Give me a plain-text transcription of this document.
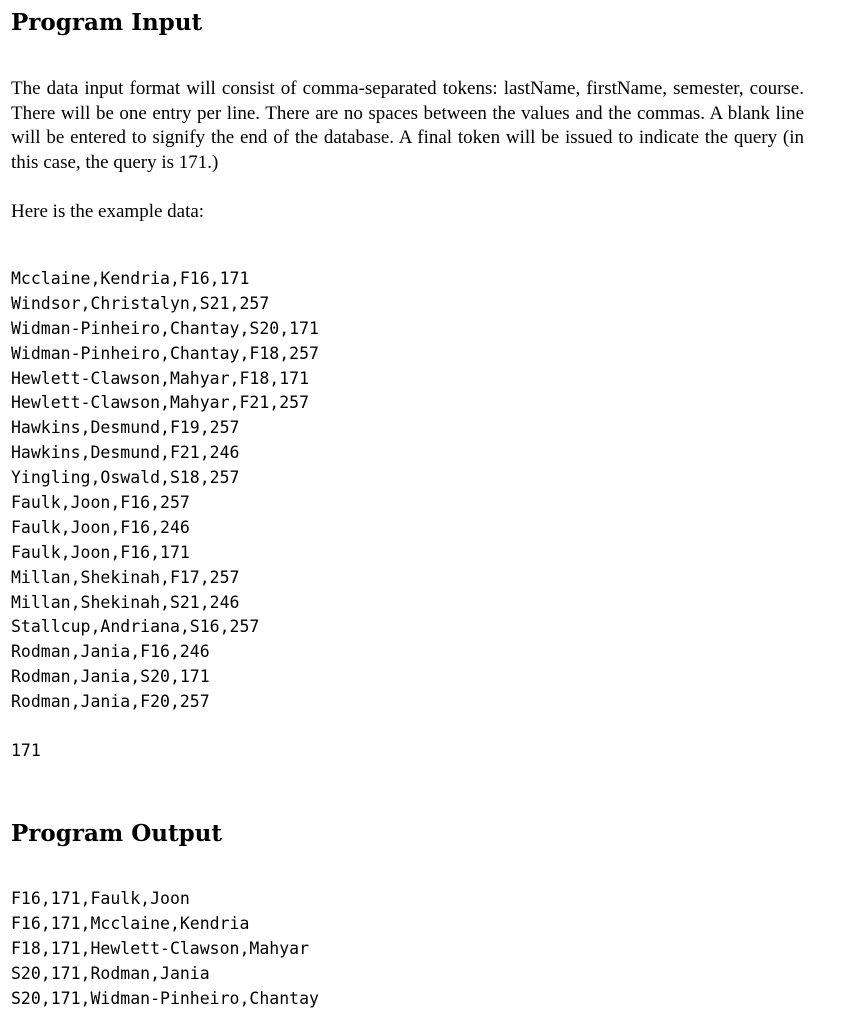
Program Input

The data input format will consist of comma-separated tokens: lastName, firstName, semester, course. There will be one entry per line. There are no spaces between the values and the commas. A blank line will be entered to signify the end of the database. A final token will be issued to indicate the query (in this case, the query is 171.)

Here is the example data:

Mcclaine,Kendria,F16,171
Windsor,Christalyn,S21,257
Widman-Pinheiro,Chantay,S20,171
Widman-Pinheiro,Chantay,F18,257
Hewlett-Clawson,Mahyar,F18,171
Hewlett-Clawson,Mahyar,F21,257
Hawkins,Desmund,F19,257
Hawkins,Desmund,F21,246
Yingling,Oswald,S18,257
Faulk,Joon,F16,257
Faulk,Joon,F16,246
Faulk,Joon,F16,171
Millan,Shekinah,F17,257
Millan,Shekinah,S21,246
Stallcup,Andriana,S16,257
Rodman,Jania,F16,246
Rodman,Jania,S20,171
Rodman,Jania,F20,257
171
Program Output
F16,171,Faulk,Joon
F16,171,Mcclaine,Kendria
F18,171,Hewlett-Clawson,Mahyar
S20,171,Rodman,Jania
S20,171,Widman-Pinheiro,Chantay
